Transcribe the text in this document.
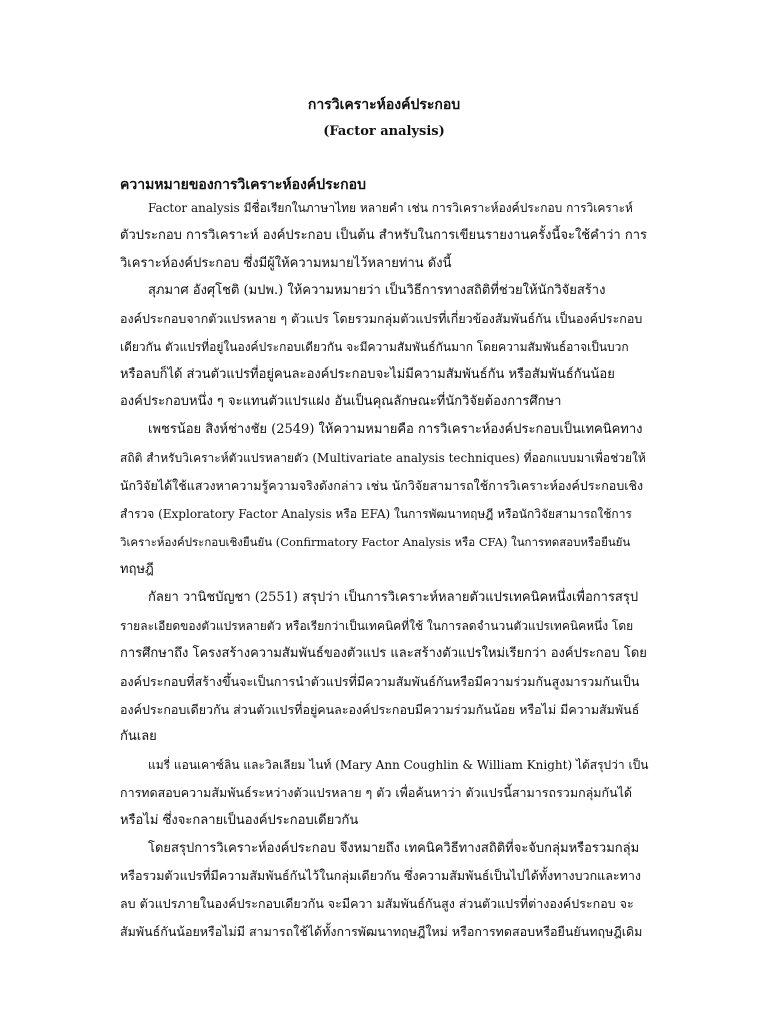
การวิเคราะห์องค์ประกอบ
(Factor analysis)
ความหมายของการวิเคราะห์องค์ประกอบ
Factor analysis มีชื่อเรียกในภาษาไทย หลายคำ เช่น การวิเคราะห์องค์ประกอบ การวิเคราะห์
ตัวประกอบ การวิเคราะห์ องค์ประกอบ เป็นต้น สำหรับในการเขียนรายงานครั้งนี้จะใช้คำว่า การ
วิเคราะห์องค์ประกอบ ซึ่งมีผู้ให้ความหมายไว้หลายท่าน ดังนี้
สุภมาศ อังศุโชติ (มปพ.) ให้ความหมายว่า เป็นวิธีการทางสถิติที่ช่วยให้นักวิจัยสร้าง
องค์ประกอบจากตัวแปรหลาย ๆ ตัวแปร โดยรวมกลุ่มตัวแปรที่เกี่ยวข้องสัมพันธ์กัน เป็นองค์ประกอบ
เดียวกัน ตัวแปรที่อยู่ในองค์ประกอบเดียวกัน จะมีความสัมพันธ์กันมาก โดยความสัมพันธ์อาจเป็นบวก
หรือลบก็ได้ ส่วนตัวแปรที่อยู่คนละองค์ประกอบจะไม่มีความสัมพันธ์กัน หรือสัมพันธ์กันน้อย
องค์ประกอบหนึ่ง ๆ จะแทนตัวแปรแฝง อันเป็นคุณลักษณะที่นักวิจัยต้องการศึกษา
เพชรน้อย สิงห์ช่างชัย (2549) ให้ความหมายคือ การวิเคราะห์องค์ประกอบเป็นเทคนิคทาง
สถิติ สำหรับวิเคราะห์ตัวแปรหลายตัว (Multivariate analysis techniques) ที่ออกแบบมาเพื่อช่วยให้
นักวิจัยได้ใช้แสวงหาความรู้ความจริงดังกล่าว เช่น นักวิจัยสามารถใช้การวิเคราะห์องค์ประกอบเชิง
สำรวจ (Exploratory Factor Analysis หรือ EFA) ในการพัฒนาทฤษฎี หรือนักวิจัยสามารถใช้การ
วิเคราะห์องค์ประกอบเชิงยืนยัน (Confirmatory Factor Analysis หรือ CFA) ในการทดสอบหรือยืนยัน
ทฤษฎี
กัลยา วานิชบัญชา (2551) สรุปว่า เป็นการวิเคราะห์หลายตัวแปรเทคนิคหนึ่งเพื่อการสรุป
รายละเอียดของตัวแปรหลายตัว หรือเรียกว่าเป็นเทคนิคที่ใช้ ในการลดจำนวนตัวแปรเทคนิคหนึ่ง โดย
การศึกษาถึง โครงสร้างความสัมพันธ์ของตัวแปร และสร้างตัวแปรใหม่เรียกว่า องค์ประกอบ โดย
องค์ประกอบที่สร้างขึ้นจะเป็นการนำตัวแปรที่มีความสัมพันธ์กันหรือมีความร่วมกันสูงมารวมกันเป็น
องค์ประกอบเดียวกัน ส่วนตัวแปรที่อยู่คนละองค์ประกอบมีความร่วมกันน้อย หรือไม่ มีความสัมพันธ์
กันเลย
แมรี่ แอนเคาซ์ลิน และวิลเลียม ไนท์ (Mary Ann Coughlin & William Knight) ได้สรุปว่า เป็น
การทดสอบความสัมพันธ์ระหว่างตัวแปรหลาย ๆ ตัว เพื่อค้นหาว่า ตัวแปรนี้สามารถรวมกลุ่มกันได้
หรือไม่ ซึ่งจะกลายเป็นองค์ประกอบเดียวกัน
โดยสรุปการวิเคราะห์องค์ประกอบ จึงหมายถึง เทคนิควิธีทางสถิติที่จะจับกลุ่มหรือรวมกลุ่ม
หรือรวมตัวแปรที่มีความสัมพันธ์กันไว้ในกลุ่มเดียวกัน ซึ่งความสัมพันธ์เป็นไปได้ทั้งทางบวกและทาง
ลบ ตัวแปรภายในองค์ประกอบเดียวกัน จะมีควา มสัมพันธ์กันสูง ส่วนตัวแปรที่ต่างองค์ประกอบ จะ
สัมพันธ์กันน้อยหรือไม่มี สามารถใช้ได้ทั้งการพัฒนาทฤษฎีใหม่ หรือการทดสอบหรือยืนยันทฤษฎีเดิม
